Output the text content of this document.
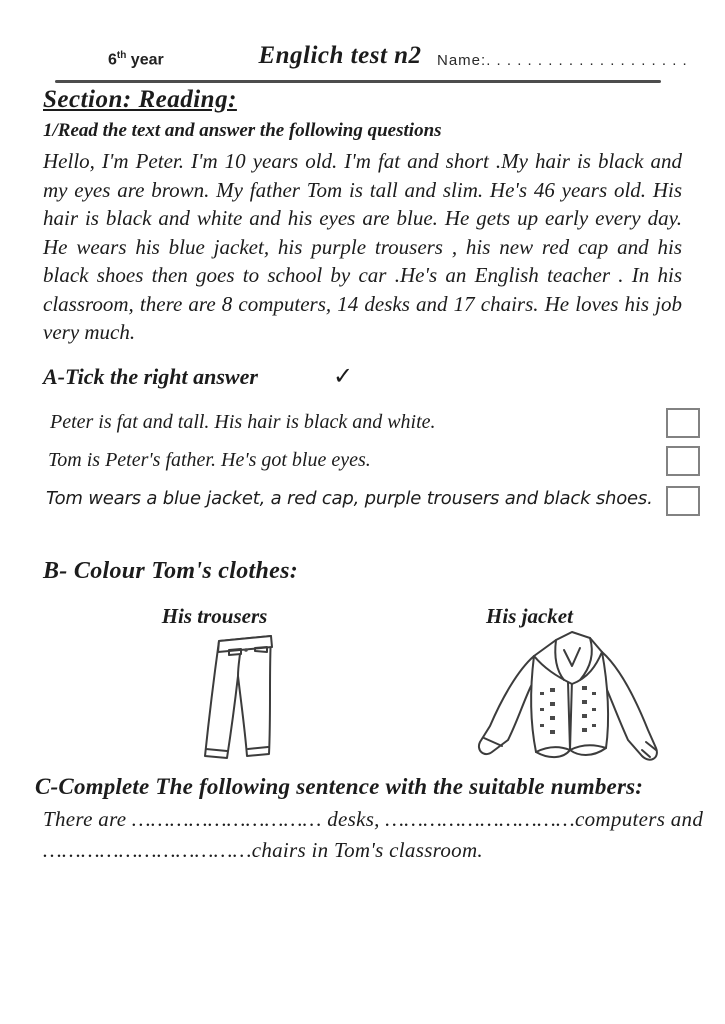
6th year	Englich test n2	Name:. . . . . . . . . . . . . . . . . . . .
Section: Reading:
1/Read the text and answer the following questions
Hello, I'm Peter. I'm 10 years old. I'm fat and short .My hair is black and my eyes are brown. My father Tom is tall and slim. He's 46 years old. His hair is black and white and his eyes are blue. He gets up early every day. He wears his blue jacket, his purple trousers , his new red cap and his black shoes then goes to school by car .He's an English teacher . In his classroom, there are 8 computers, 14 desks and 17 chairs. He loves his job very much.
A-Tick the right answer	✓
Peter is fat and tall. His hair is black and white.
Tom is Peter's father. He's got blue eyes.
Tom wears a blue jacket, a red cap, purple trousers and black shoes.
B- Colour Tom's clothes:
His trousers	His jacket
C-Complete The following sentence with the suitable numbers:
There are ………………………… desks, …………………………computers and
……………………………chairs in Tom's classroom.
